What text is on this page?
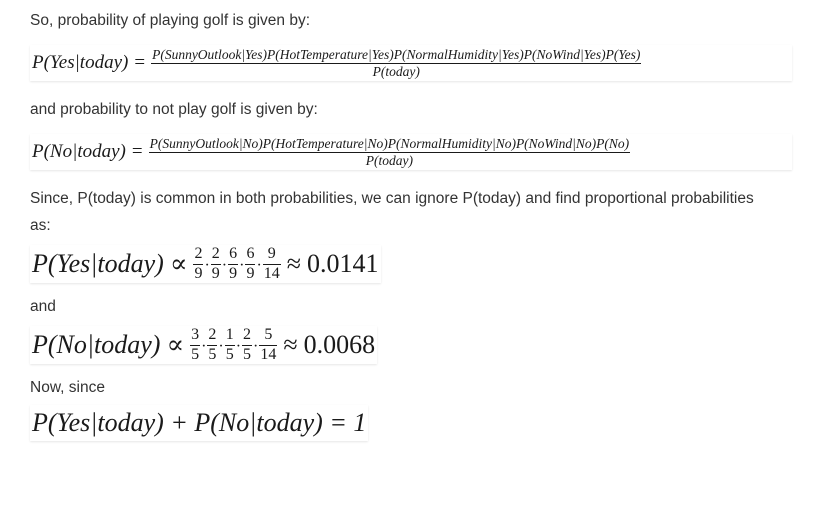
So, probability of playing golf is given by:

P(Yes|today) = P(SunnyOutlook|Yes)P(HotTemperature|Yes)P(NormalHumidity|Yes)P(NoWind|Yes)P(Yes)
P(today)

and probability to not play golf is given by:

P(No|today) = P(SunnyOutlook|No)P(HotTemperature|No)P(NormalHumidity|No)P(NoWind|No)P(No)
P(today)

Since, P(today) is common in both probabilities, we can ignore P(today) and find proportional probabilities
as:

P(Yes|today) ∝ $\frac{2}{9} \cdot \frac{2}{9} \cdot \frac{6}{9} \cdot \frac{6}{9} \cdot \frac{9}{14} \approx 0.0141$

and

P(No|today) ∝ $\frac{3}{5} \cdot \frac{2}{5} \cdot \frac{1}{5} \cdot \frac{2}{5} \cdot \frac{5}{14} \approx 0.0068$

Now, since

P(Yes|today) + P(No|today) = 1
